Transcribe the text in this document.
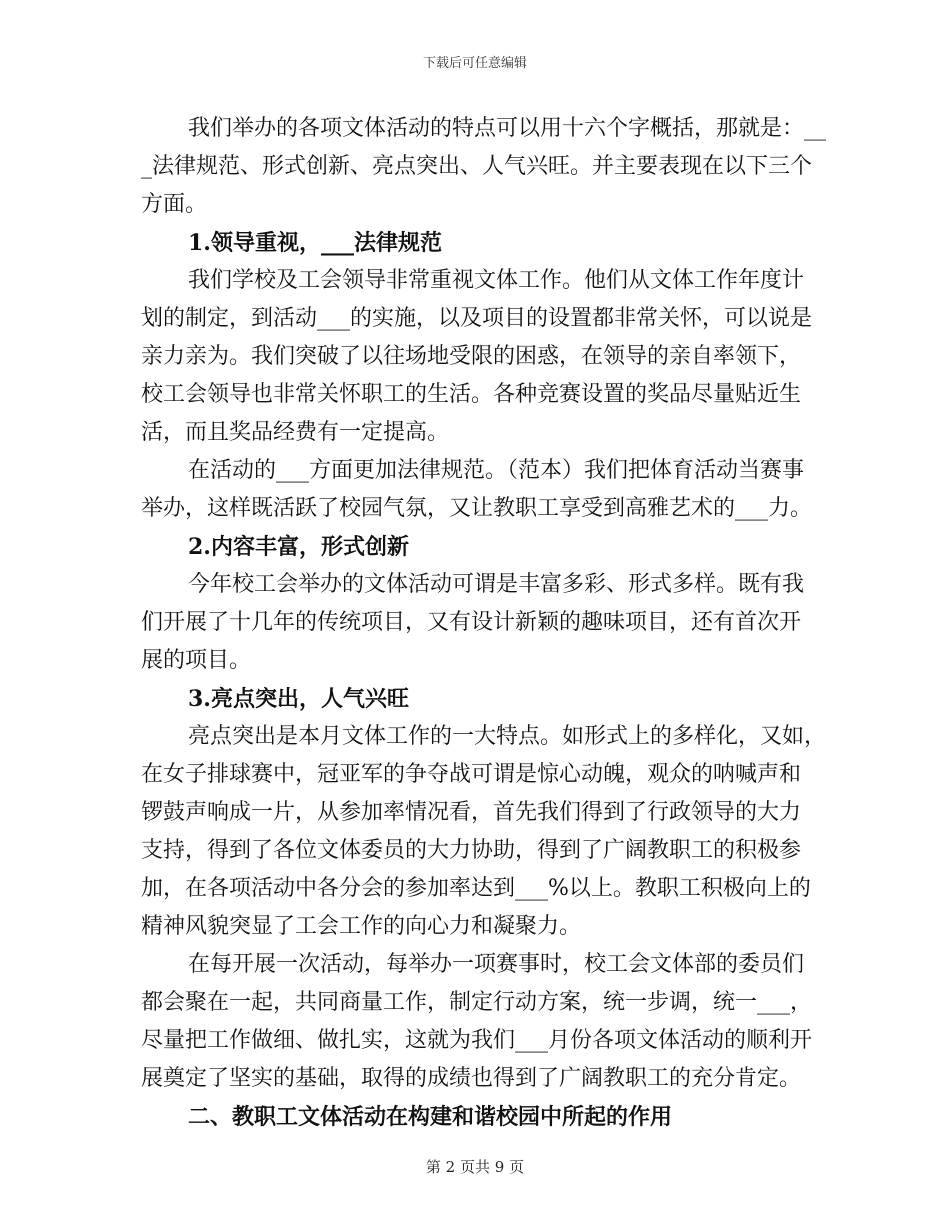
下载后可任意编辑
我们举办的各项文体活动的特点可以用十六个字概括，那就是：__
_法律规范、形式创新、亮点突出、人气兴旺。并主要表现在以下三个
方面。
1.领导重视，___法律规范
我们学校及工会领导非常重视文体工作。他们从文体工作年度计
划的制定，到活动___的实施，以及项目的设置都非常关怀，可以说是
亲力亲为。我们突破了以往场地受限的困惑，在领导的亲自率领下，
校工会领导也非常关怀职工的生活。各种竞赛设置的奖品尽量贴近生
活，而且奖品经费有一定提高。
在活动的___方面更加法律规范。（范本）我们把体育活动当赛事
举办，这样既活跃了校园气氛，又让教职工享受到高雅艺术的___力。
2.内容丰富，形式创新
今年校工会举办的文体活动可谓是丰富多彩、形式多样。既有我
们开展了十几年的传统项目，又有设计新颖的趣味项目，还有首次开
展的项目。
3.亮点突出，人气兴旺
亮点突出是本月文体工作的一大特点。如形式上的多样化，又如，
在女子排球赛中，冠亚军的争夺战可谓是惊心动魄，观众的呐喊声和
锣鼓声响成一片，从参加率情况看，首先我们得到了行政领导的大力
支持，得到了各位文体委员的大力协助，得到了广阔教职工的积极参
加，在各项活动中各分会的参加率达到___%以上。教职工积极向上的
精神风貌突显了工会工作的向心力和凝聚力。
在每开展一次活动，每举办一项赛事时，校工会文体部的委员们
都会聚在一起，共同商量工作，制定行动方案，统一步调，统一___，
尽量把工作做细、做扎实，这就为我们___月份各项文体活动的顺利开
展奠定了坚实的基础，取得的成绩也得到了广阔教职工的充分肯定。
二、教职工文体活动在构建和谐校园中所起的作用
第 2 页共 9 页
